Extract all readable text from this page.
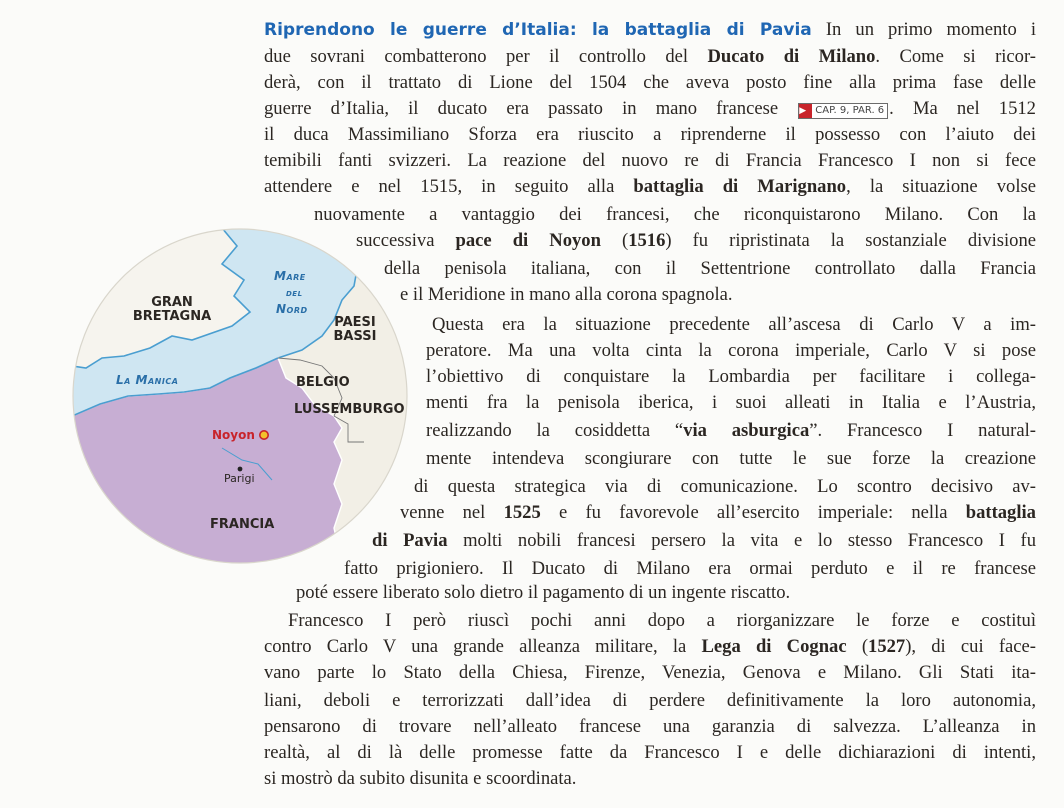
GRAN
BRETAGNA	PAESI
BASSI
BELGIO
LUSSEMBURGO
FRANCIA
Mare
del
Nord
La Manica
Noyon
Parigi
Riprendono le guerre d’Italia: la battaglia di Pavia In un primo momento i
due sovrani combatterono per il controllo del Ducato di Milano. Come si ricor-
derà, con il trattato di Lione del 1504 che aveva posto fine alla prima fase delle
guerre d’Italia, il ducato era passato in mano francese ▶ CAP. 9, PAR. 6 . Ma nel 1512
il duca Massimiliano Sforza era riuscito a riprenderne il possesso con l’aiuto dei
temibili fanti svizzeri. La reazione del nuovo re di Francia Francesco I non si fece
attendere e nel 1515, in seguito alla battaglia di Marignano, la situazione volse
nuovamente a vantaggio dei francesi, che riconquistarono Milano. Con la
successiva pace di Noyon (1516) fu ripristinata la sostanziale divisione
della penisola italiana, con il Settentrione controllato dalla Francia
e il Meridione in mano alla corona spagnola.
Questa era la situazione precedente all’ascesa di Carlo V a im-
peratore. Ma una volta cinta la corona imperiale, Carlo V si pose
l’obiettivo di conquistare la Lombardia per facilitare i collega-
menti fra la penisola iberica, i suoi alleati in Italia e l’Austria,
realizzando la cosiddetta “via asburgica”. Francesco I natural-
mente intendeva scongiurare con tutte le sue forze la creazione
di questa strategica via di comunicazione. Lo scontro decisivo av-
venne nel 1525 e fu favorevole all’esercito imperiale: nella battaglia
di Pavia molti nobili francesi persero la vita e lo stesso Francesco I fu
fatto prigioniero. Il Ducato di Milano era ormai perduto e il re francese
poté essere liberato solo dietro il pagamento di un ingente riscatto.
Francesco I però riuscì pochi anni dopo a riorganizzare le forze e costituì
contro Carlo V una grande alleanza militare, la Lega di Cognac (1527), di cui face-
vano parte lo Stato della Chiesa, Firenze, Venezia, Genova e Milano. Gli Stati ita-
liani, deboli e terrorizzati dall’idea di perdere definitivamente la loro autonomia,
pensarono di trovare nell’alleato francese una garanzia di salvezza. L’alleanza in
realtà, al di là delle promesse fatte da Francesco I e delle dichiarazioni di intenti,
si mostrò da subito disunita e scoordinata.
